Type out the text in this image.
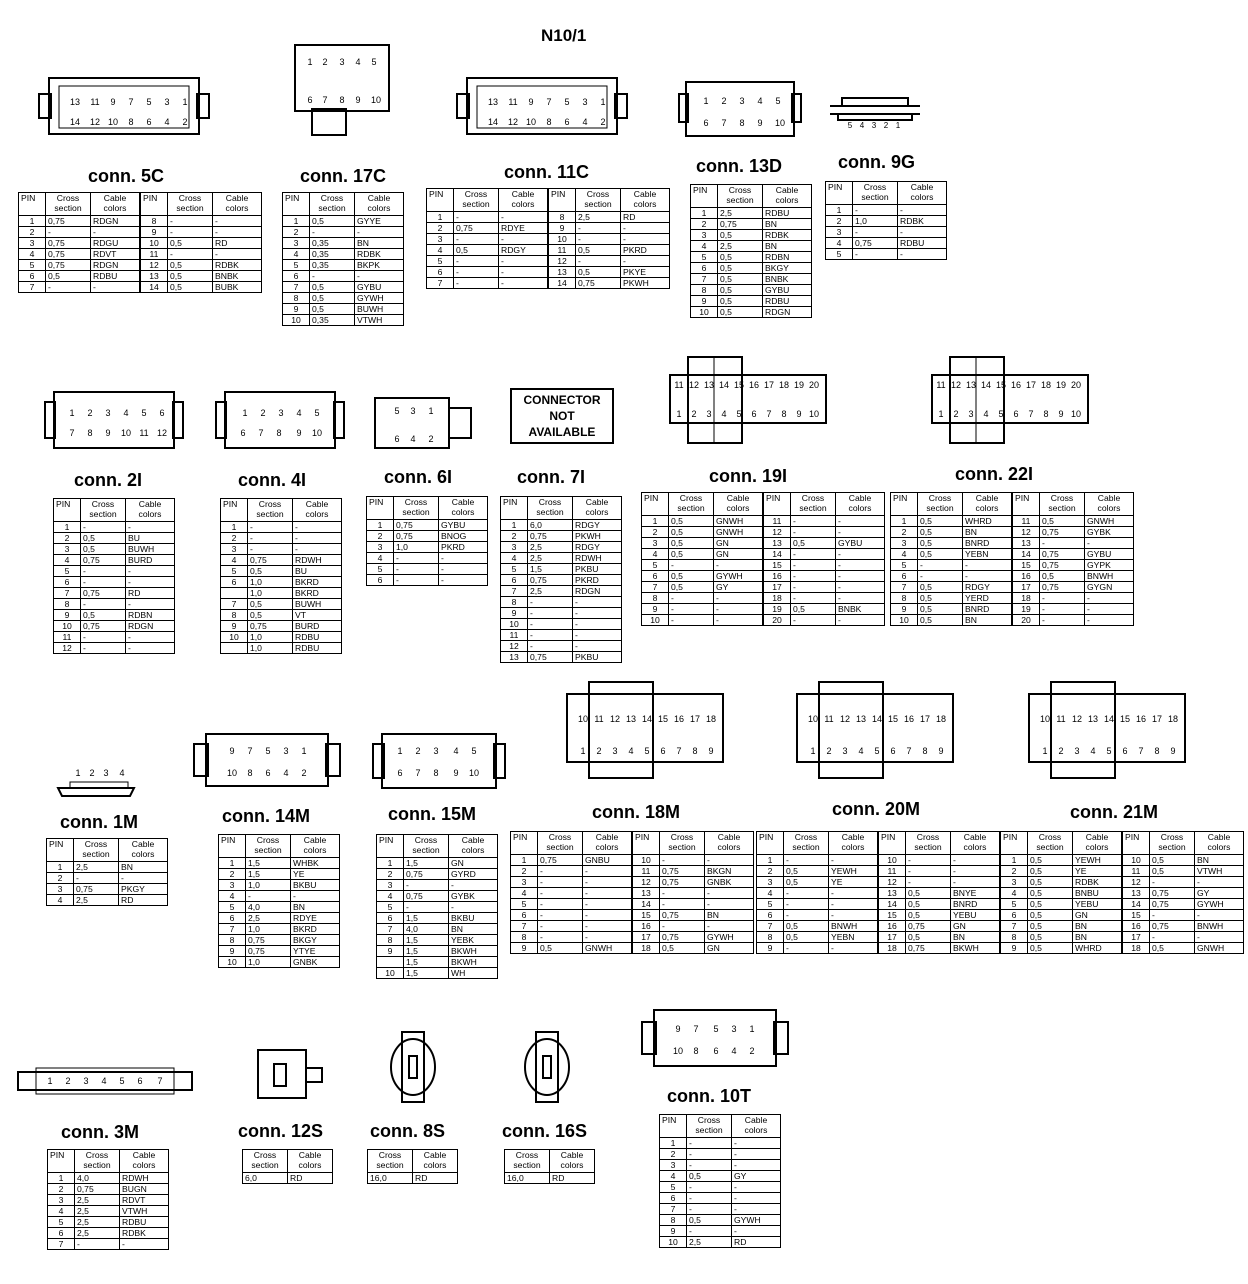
N10/1
13 11 9 7 5 3 1
14 12 10 8 6 4 2
1 2 3 4 5
6 7 8 9 10	13 11 9 7 5 3 1
14 12 10 8 6 4 2
1 2 3 4 5
6 7 8 9 10	5 4 3 2 1
1 2 3 4 5 6
7 8 9 10 11 12
1 2 3 4 5
6 7 8 9 10
5 3 1
6 4 2
CONNECTOR
NOT
AVAILABLE
11 12 13 14 15 16 17 18 19 20
1 2 3 4 5 6 7 8 9 10
11 12 13 14 15 16 17 18 19 20
1 2 3 4 5 6 7 8 9 10
1 2 3 4
9 7 5 3 1
10 8 6 4 2
1 2 3 4 5
6 7 8 9 10
10 11 12 13 14 15 16 17 18
1 2 3 4 5 6 7 8 9
10 11 12 13 14 15 16 17 18
1 2 3 4 5 6 7 8 9
10 11 12 13 14 15 16 17 18
1 2 3 4 5 6 7 8 9
1 2 3 4 5 6 7
9 7 5 3 1
10 8 6 4 2
conn. 5C	conn. 17C	conn. 11C	conn. 13D	conn. 9G
conn. 2I	conn. 4I	conn. 6I	conn. 7I	conn. 19I	conn. 22I
conn. 1M	conn. 14M	conn. 15M	conn. 18M	conn. 20M	conn. 21M
conn. 3M	conn. 12S	conn. 8S	conn. 16S
conn. 10T
PIN	Cross section	Cable colors	PIN	Cross section	Cable colors
1	0,75	RDGN	8	-	-
2	-	-	9	-	-
3	0,75	RDGU	10	0,5	RD
4	0,75	RDVT	11	-	-
5	0,75	RDGN	12	0,5	RDBK
6	0,5	RDBU	13	0,5	BNBK
7	-	-	14	0,5	BUBK
PIN	Cross section	Cable colors
1	0,5	GYYE
2	-	-
3	0,35	BN
4	0,35	RDBK
5	0,35	BKPK
6	-	-
7	0,5	GYBU
8	0,5	GYWH
9	0,5	BUWH
10	0,35	VTWH
PIN	Cross section	Cable colors	PIN	Cross section	Cable colors
1	-	-	8	2,5	RD
2	0,75	RDYE	9	-	-
3	-	-	10	-	-
4	0,5	RDGY	11	0,5	PKRD
5	-	-	12	-	-
6	-	-	13	0,5	PKYE
7	-	-	14	0,75	PKWH
PIN	Cross section	Cable colors
1	2,5	RDBU
2	0,75	BN
3	0,5	RDBK
4	2,5	BN
5	0,5	RDBN
6	0,5	BKGY
7	0,5	BNBK
8	0,5	GYBU
9	0,5	RDBU
10	0,5	RDGN
PIN	Cross section	Cable colors
1	-	-
2	1,0	RDBK
3	-	-
4	0,75	RDBU
5	-	-
PIN	Cross section	Cable colors
1	-	-
2	0,5	BU
3	0,5	BUWH
4	0,75	BURD
5	-	-
6	-	-
7	0,75	RD
8	-	-
9	0,5	RDBN
10	0,75	RDGN
11	-	-
12	-	-
PIN	Cross section	Cable colors
1	-	-
2	-	-
3	-	-
4	0,75	RDWH
5	0,5	BU
6	1,0	BKRD
	1,0	BKRD
7	0,5	BUWH
8	0,5	VT
9	0,75	BURD
10	1,0	RDBU
	1,0	RDBU
PIN	Cross section	Cable colors
1	0,75	GYBU
2	0,75	BNOG
3	1,0	PKRD
4	-	-
5	-	-
6	-	-
PIN	Cross section	Cable colors
1	6,0	RDGY
2	0,75	PKWH
3	2,5	RDGY
4	2,5	RDWH
5	1,5	PKBU
6	0,75	PKRD
7	2,5	RDGN
8	-	-
9	-	-
10	-	-
11	-	-
12	-	-
13	0,75	PKBU
PIN	Cross section	Cable colors	PIN	Cross section	Cable colors
1	0,5	GNWH	11	-	-
2	0,5	GNWH	12	-	-
3	0,5	GN	13	0,5	GYBU
4	0,5	GN	14	-	-
5	-	-	15	-	-
6	0,5	GYWH	16	-	-
7	0,5	GY	17	-	-
8	-	-	18	-	-
9	-	-	19	0,5	BNBK
10	-	-	20	-	-
PIN	Cross section	Cable colors	PIN	Cross section	Cable colors
1	0,5	WHRD	11	0,5	GNWH
2	0,5	BN	12	0,75	GYBK
3	0,5	BNRD	13	-	-
4	0,5	YEBN	14	0,75	GYBU
5	-	-	15	0,75	GYPK
6	-	-	16	0,5	BNWH
7	0,5	RDGY	17	0,75	GYGN
8	0,5	YERD	18	-	-
9	0,5	BNRD	19	-	-
10	0,5	BN	20	-	-
PIN	Cross section	Cable colors
1	2,5	BN
2	-	-
3	0,75	PKGY
4	2,5	RD
PIN	Cross section	Cable colors
1	1,5	WHBK
2	1,5	YE
3	1,0	BKBU
4	-	-
5	4,0	BN
6	2,5	RDYE
7	1,0	BKRD
8	0,75	BKGY
9	0,75	YTYE
10	1,0	GNBK
PIN	Cross section	Cable colors
1	1,5	GN
2	0,75	GYRD
3	-	-
4	0,75	GYBK
5	-	-
6	1,5	BKBU
7	4,0	BN
8	1,5	YEBK
9	1,5	BKWH
	1,5	BKWH
10	1,5	WH
PIN	Cross section	Cable colors	PIN	Cross section	Cable colors
1	0,75	GNBU	10	-	-
2	-	-	11	0,75	BKGN
3	-	-	12	0,75	GNBK
4	-	-	13	-	-
5	-	-	14	-	-
6	-	-	15	0,75	BN
7	-	-	16	-	-
8	-	-	17	0,75	GYWH
9	0,5	GNWH	18	0,5	GN
PIN	Cross section	Cable colors	PIN	Cross section	Cable colors
1	-	-	10	-	-
2	0,5	YEWH	11	-	-
3	0,5	YE	12	-	-
4	-	-	13	0,5	BNYE
5	-	-	14	0,5	BNRD
6	-	-	15	0,5	YEBU
7	0,5	BNWH	16	0,75	GN
8	0,5	YEBN	17	0,5	BN
9	-	-	18	0,75	BKWH
PIN	Cross section	Cable colors	PIN	Cross section	Cable colors
1	0,5	YEWH	10	0,5	BN
2	0,5	YE	11	0,5	VTWH
3	0,5	RDBK	12	-	-
4	0,5	BNBU	13	0,75	GY
5	0,5	YEBU	14	0,75	GYWH
6	0,5	GN	15	-	-
7	0,5	BN	16	0,75	BNWH
8	0,5	BN	17	-	-
9	0,5	WHRD	18	0,5	GNWH
PIN	Cross section	Cable colors
1	4,0	RDWH
2	0,75	BUGN
3	2,5	RDVT
4	2,5	VTWH
5	2,5	RDBU
6	2,5	RDBK
7	-	-
Cross section	Cable colors
6,0	RD
Cross section	Cable colors
16,0	RD
Cross section	Cable colors
16,0	RD
PIN	Cross section	Cable colors
1	-	-
2	-	-
3	-	-
4	0,5	GY
5	-	-
6	-	-
7	-	-
8	0,5	GYWH
9	-	-
10	2,5	RD
